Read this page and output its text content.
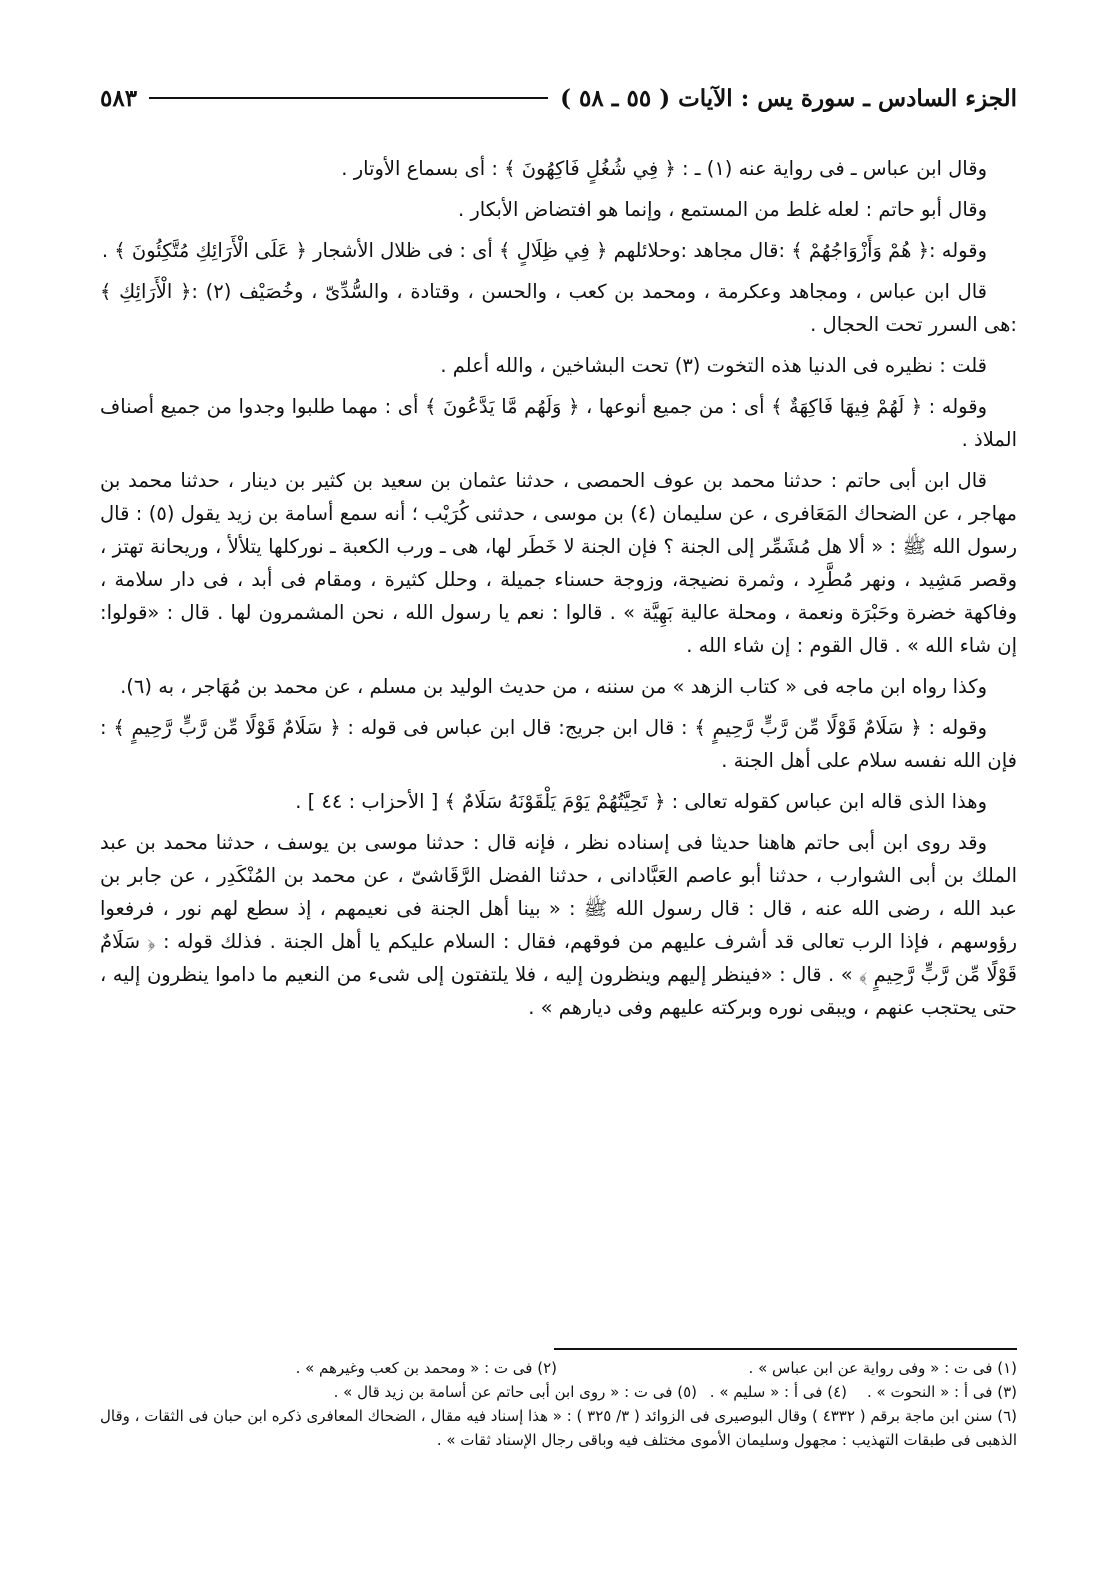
الجزء السادس ـ سورة يس : الآيات ( ٥٥ ـ ٥٨ )
٥٨٣

وقال ابن عباس ـ فى رواية عنه (١) ـ : ﴿ فِي شُغُلٍ فَاكِهُونَ ﴾ : أى بسماع الأوتار .

وقال أبو حاتم : لعله غلط من المستمع ، وإنما هو افتضاض الأبكار .

وقوله :﴿ هُمْ وَأَزْوَاجُهُمْ ﴾ :قال مجاهد :وحلائلهم ﴿ فِي ظِلَالٍ ﴾ أى : فى ظلال الأشجار ﴿ عَلَى الْأَرَائِكِ مُتَّكِئُونَ ﴾ .

قال ابن عباس ، ومجاهد وعكرمة ، ومحمد بن كعب ، والحسن ، وقتادة ، والسُّدِّىّ ، وخُصَيْف (٢) :﴿ الْأَرَائِكِ ﴾ :هى السرر تحت الحجال .

قلت : نظيره فى الدنيا هذه التخوت (٣) تحت البشاخين ، والله أعلم .

وقوله : ﴿ لَهُمْ فِيهَا فَاكِهَةٌ ﴾ أى : من جميع أنوعها ، ﴿ وَلَهُم مَّا يَدَّعُونَ ﴾ أى : مهما طلبوا وجدوا من جميع أصناف الملاذ .

قال ابن أبى حاتم : حدثنا محمد بن عوف الحمصى ، حدثنا عثمان بن سعيد بن كثير بن دينار ، حدثنا محمد بن مهاجر ، عن الضحاك المَعَافرى ، عن سليمان (٤) بن موسى ، حدثنى كُرَيْب ؛ أنه سمع أسامة بن زيد يقول (٥) : قال رسول الله ﷺ : « ألا هل مُشَمِّر إلى الجنة ؟ فإن الجنة لا خَطَر لها، هى ـ ورب الكعبة ـ نوركلها يتلألأ ، وريحانة تهتز ، وقصر مَشِيد ، ونهر مُطَّرِد ، وثمرة نضيجة، وزوجة حسناء جميلة ، وحلل كثيرة ، ومقام فى أبد ، فى دار سلامة ، وفاكهة خضرة وحَبْرَة ونعمة ، ومحلة عالية بَهِيَّة » . قالوا : نعم يا رسول الله ، نحن المشمرون لها . قال : «قولوا: إن شاء الله » . قال القوم : إن شاء الله .

وكذا رواه ابن ماجه فى « كتاب الزهد » من سننه ، من حديث الوليد بن مسلم ، عن محمد بن مُهَاجر ، به (٦).

وقوله : ﴿ سَلَامٌ قَوْلًا مِّن رَّبٍّ رَّحِيمٍ ﴾ : قال ابن جريج: قال ابن عباس فى قوله : ﴿ سَلَامٌ قَوْلًا مِّن رَّبٍّ رَّحِيمٍ ﴾ : فإن الله نفسه سلام على أهل الجنة .

وهذا الذى قاله ابن عباس كقوله تعالى : ﴿ تَحِيَّتُهُمْ يَوْمَ يَلْقَوْنَهُ سَلَامٌ ﴾ [ الأحزاب : ٤٤ ] .

وقد روى ابن أبى حاتم هاهنا حديثا فى إسناده نظر ، فإنه قال : حدثنا موسى بن يوسف ، حدثنا محمد بن عبد الملك بن أبى الشوارب ، حدثنا أبو عاصم العَبَّادانى ، حدثنا الفضل الرَّقَاشىّ ، عن محمد بن المُنْكَدِر ، عن جابر بن عبد الله ، رضى الله عنه ، قال : قال رسول الله ﷺ : « بينا أهل الجنة فى نعيمهم ، إذ سطع لهم نور ، فرفعوا رؤوسهم ، فإذا الرب تعالى قد أشرف عليهم من فوقهم، فقال : السلام عليكم يا أهل الجنة . فذلك قوله : ﴿ سَلَامٌ قَوْلًا مِّن رَّبٍّ رَّحِيمٍ ﴾ » . قال : «فينظر إليهم وينظرون إليه ، فلا يلتفتون إلى شىء من النعيم ما داموا ينظرون إليه ، حتى يحتجب عنهم ، ويبقى نوره وبركته عليهم وفى ديارهم » .

(١) فى ت : « وفى رواية عن ابن عباس » .
(٢) فى ت : « ومحمد بن كعب وغيرهم » .
(٣) فى أ : « النحوت » .
(٤) فى أ : « سليم » .
(٥) فى ت : « روى ابن أبى حاتم عن أسامة بن زيد قال » .
(٦) سنن ابن ماجة برقم ( ٤٣٣٢ ) وقال البوصيرى فى الزوائد ( ٣/ ٣٢٥ ) : « هذا إسناد فيه مقال ، الضحاك المعافرى ذكره ابن حبان فى الثقات ، وقال الذهبى فى طبقات التهذيب : مجهول وسليمان الأموى مختلف فيه وباقى رجال الإسناد ثقات » .
